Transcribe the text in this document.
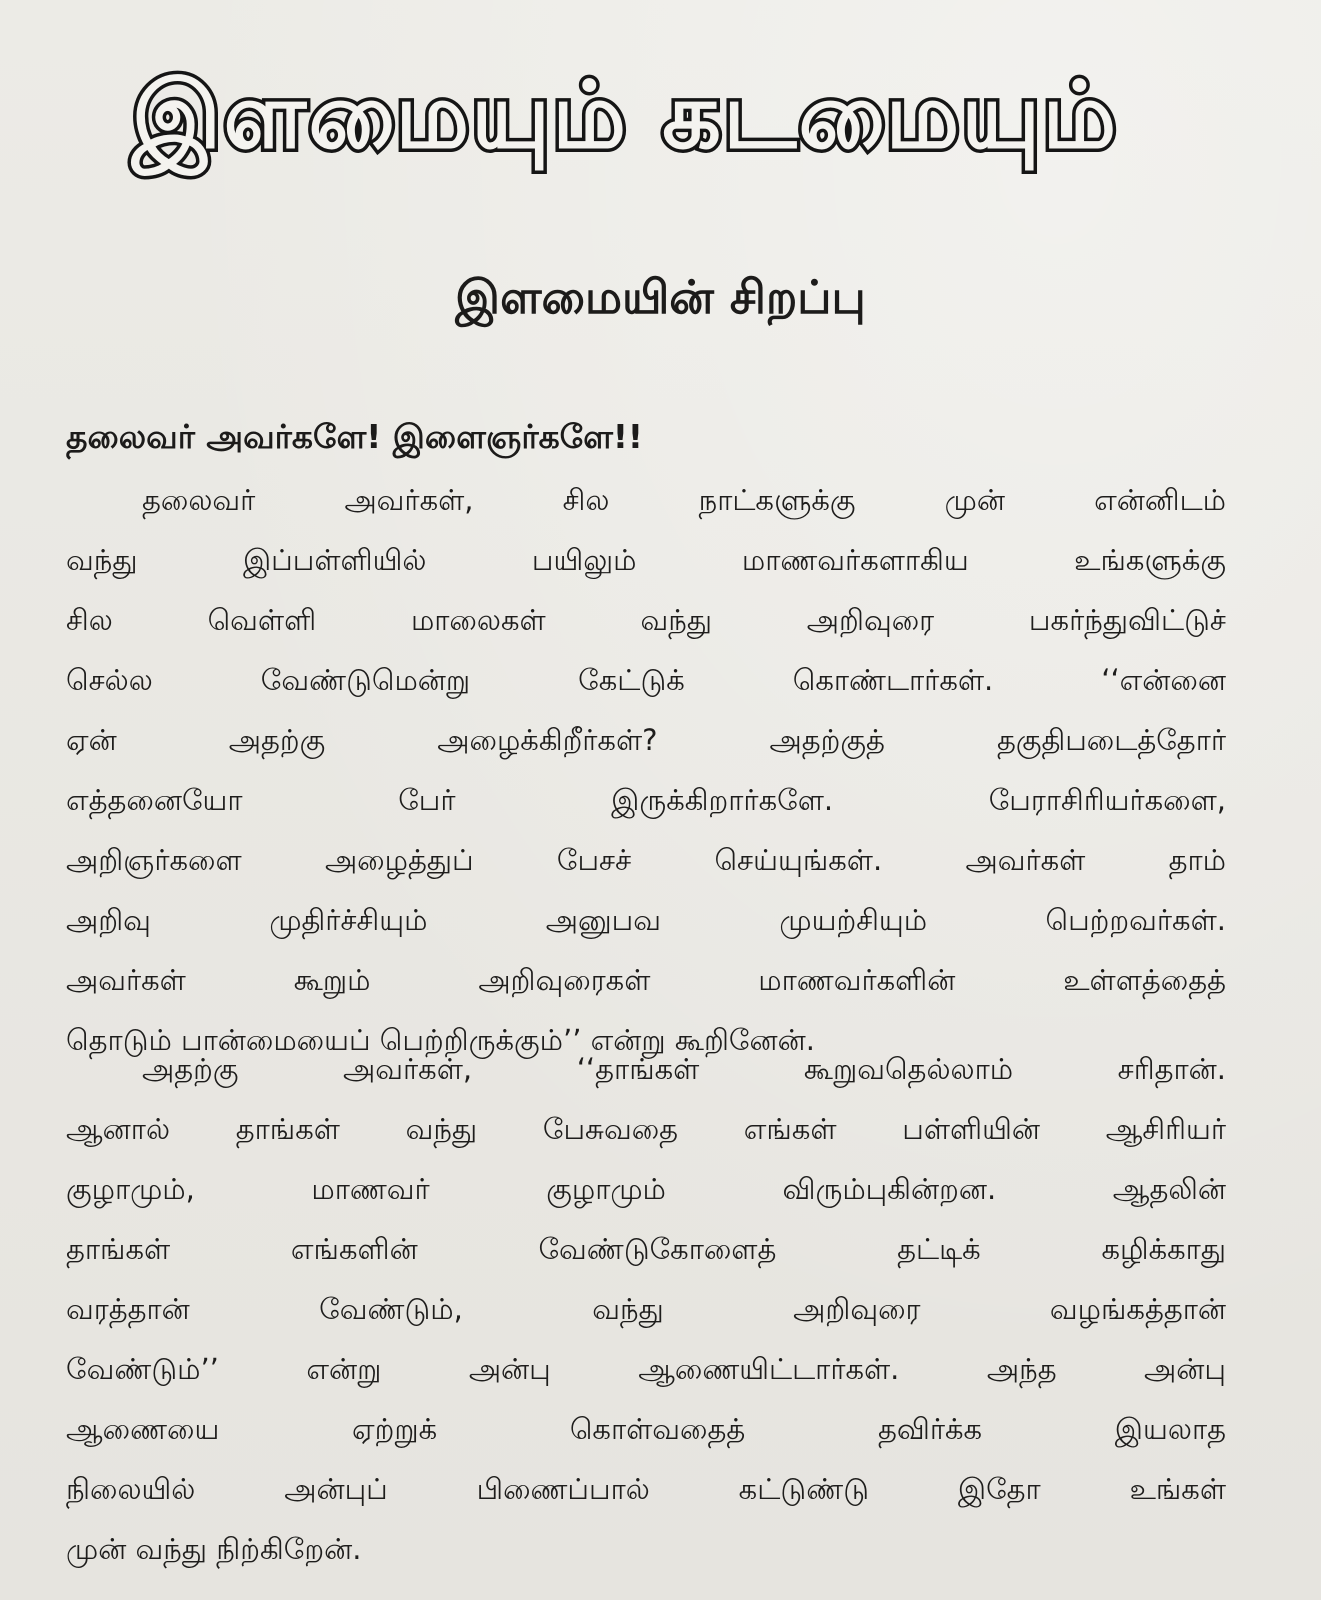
இளமையும் கடமையும்
இளமையின் சிறப்பு
தலைவர் அவர்களே! இளைஞர்களே!!
தலைவர் அவர்கள், சில நாட்களுக்கு முன் என்னிடம்
வந்து இப்பள்ளியில் பயிலும் மாணவர்களாகிய உங்களுக்கு
சில வெள்ளி மாலைகள் வந்து அறிவுரை பகர்ந்துவிட்டுச்
செல்ல வேண்டுமென்று கேட்டுக் கொண்டார்கள். ‘‘என்னை
ஏன் அதற்கு அழைக்கிறீர்கள்? அதற்குத் தகுதிபடைத்தோர்
எத்தனையோ பேர் இருக்கிறார்களே. பேராசிரியர்களை,
அறிஞர்களை அழைத்துப் பேசச் செய்யுங்கள். அவர்கள் தாம்
அறிவு முதிர்ச்சியும் அனுபவ முயற்சியும் பெற்றவர்கள்.
அவர்கள் கூறும் அறிவுரைகள் மாணவர்களின் உள்ளத்தைத்
தொடும் பான்மையைப் பெற்றிருக்கும்’’ என்று கூறினேன்.
அதற்கு அவர்கள், ‘‘தாங்கள் கூறுவதெல்லாம் சரிதான்.
ஆனால் தாங்கள் வந்து பேசுவதை எங்கள் பள்ளியின் ஆசிரியர்
குழாமும், மாணவர் குழாமும் விரும்புகின்றன. ஆதலின்
தாங்கள் எங்களின் வேண்டுகோளைத் தட்டிக் கழிக்காது
வரத்தான் வேண்டும், வந்து அறிவுரை வழங்கத்தான்
வேண்டும்’’ என்று அன்பு ஆணையிட்டார்கள். அந்த அன்பு
ஆணையை ஏற்றுக் கொள்வதைத் தவிர்க்க இயலாத
நிலையில் அன்புப் பிணைப்பால் கட்டுண்டு இதோ உங்கள்
முன் வந்து நிற்கிறேன்.
